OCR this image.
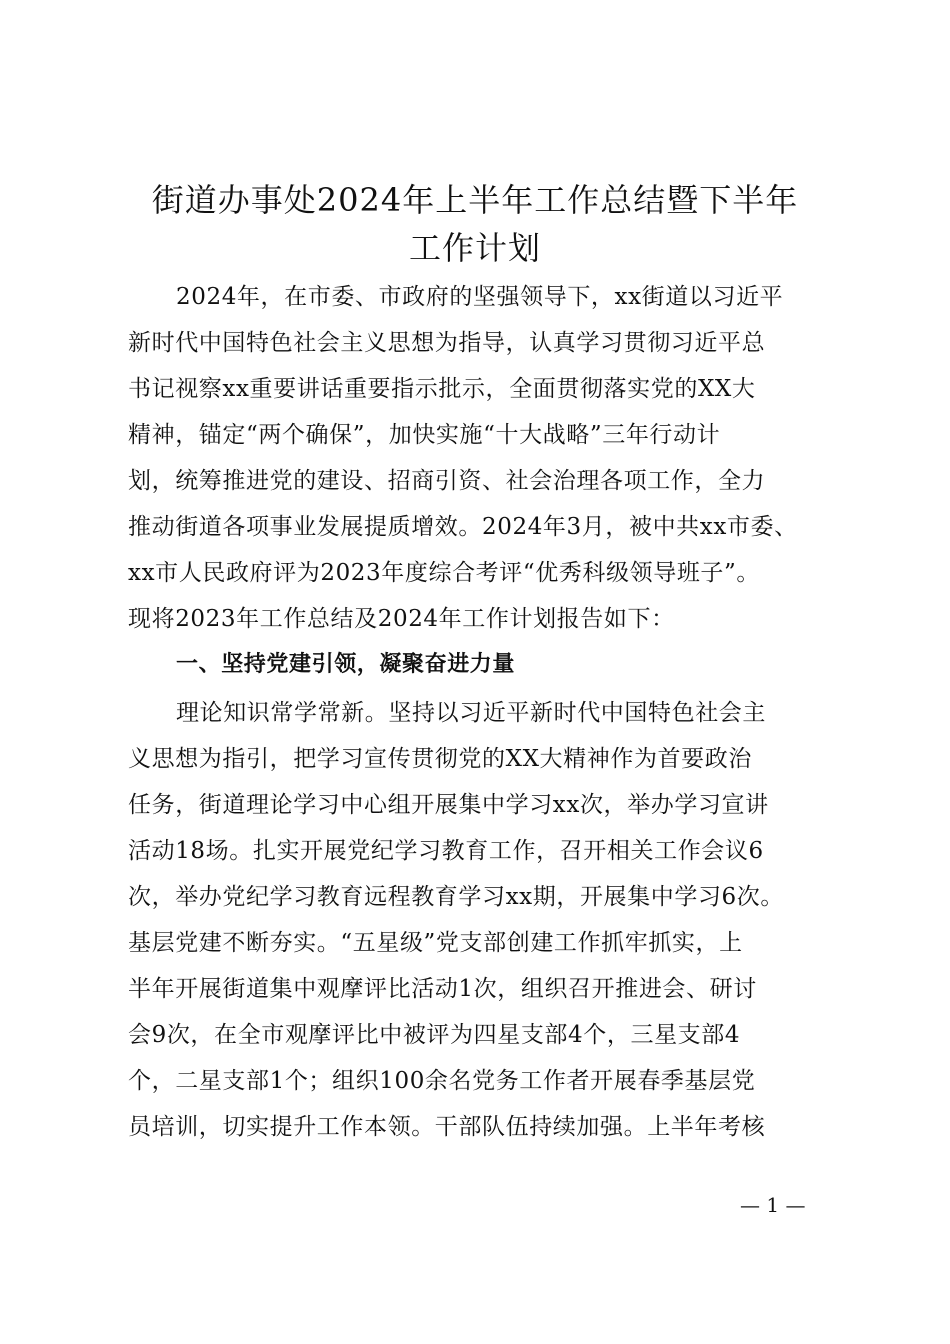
街道办事处2024年上半年工作总结暨下半年
工作计划
2024年，在市委、市政府的坚强领导下，xx街道以习近平
新时代中国特色社会主义思想为指导，认真学习贯彻习近平总
书记视察xx重要讲话重要指示批示，全面贯彻落实党的XX大
精神，锚定“两个确保”，加快实施“十大战略”三年行动计
划，统筹推进党的建设、招商引资、社会治理各项工作，全力
推动街道各项事业发展提质增效。2024年3月，被中共xx市委、
xx市人民政府评为2023年度综合考评“优秀科级领导班子”。
现将2023年工作总结及2024年工作计划报告如下：
一、坚持党建引领，凝聚奋进力量
理论知识常学常新。坚持以习近平新时代中国特色社会主
义思想为指引，把学习宣传贯彻党的XX大精神作为首要政治
任务，街道理论学习中心组开展集中学习xx次，举办学习宣讲
活动18场。扎实开展党纪学习教育工作，召开相关工作会议6
次，举办党纪学习教育远程教育学习xx期，开展集中学习6次。
基层党建不断夯实。“五星级”党支部创建工作抓牢抓实，上
半年开展街道集中观摩评比活动1次，组织召开推进会、研讨
会9次，在全市观摩评比中被评为四星支部4个，三星支部4
个，二星支部1个；组织100余名党务工作者开展春季基层党
员培训，切实提升工作本领。干部队伍持续加强。上半年考核
— 1 —
